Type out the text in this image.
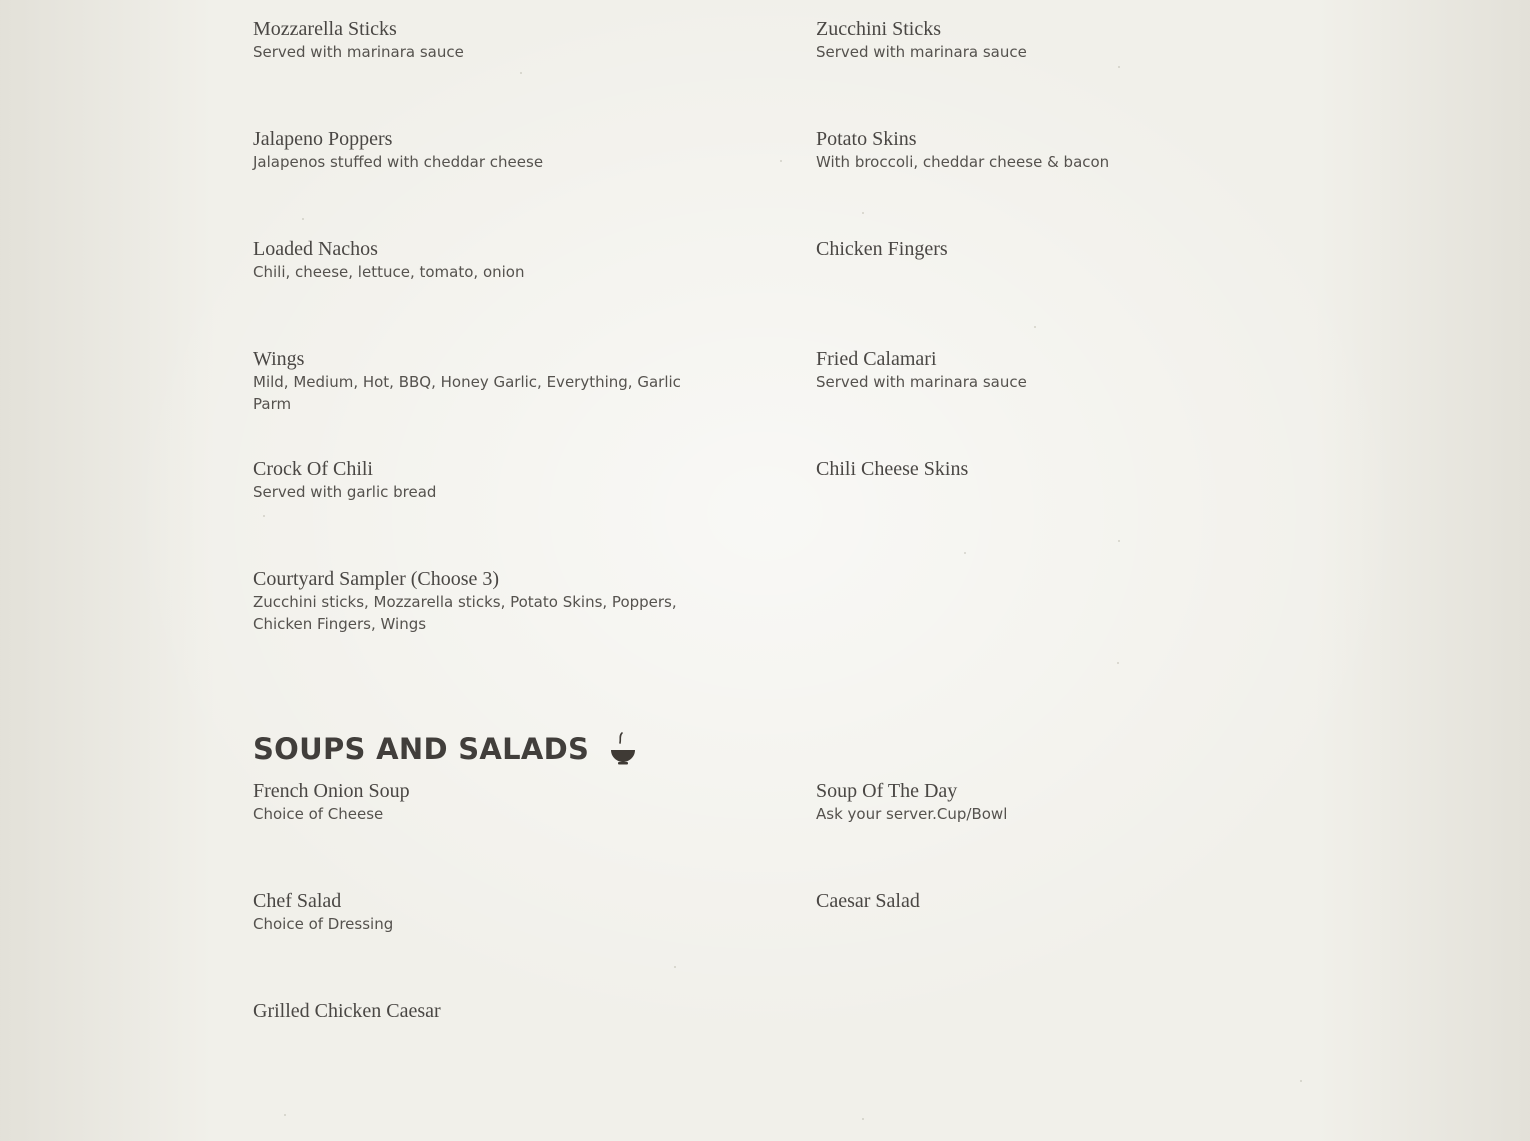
Mozzarella Sticks
Served with marinara sauce
Zucchini Sticks
Served with marinara sauce
Jalapeno Poppers
Jalapenos stuffed with cheddar cheese
Potato Skins
With broccoli, cheddar cheese & bacon
Loaded Nachos
Chili, cheese, lettuce, tomato, onion
Chicken Fingers
Wings
Mild, Medium, Hot, BBQ, Honey Garlic, Everything, Garlic Parm
Fried Calamari
Served with marinara sauce
Crock Of Chili
Served with garlic bread
Chili Cheese Skins
Courtyard Sampler (Choose 3)
Zucchini sticks, Mozzarella sticks, Potato Skins, Poppers, Chicken Fingers, Wings
SOUPS AND SALADS
French Onion Soup
Choice of Cheese
Soup Of The Day
Ask your server.Cup/Bowl
Chef Salad
Choice of Dressing
Caesar Salad
Grilled Chicken Caesar
